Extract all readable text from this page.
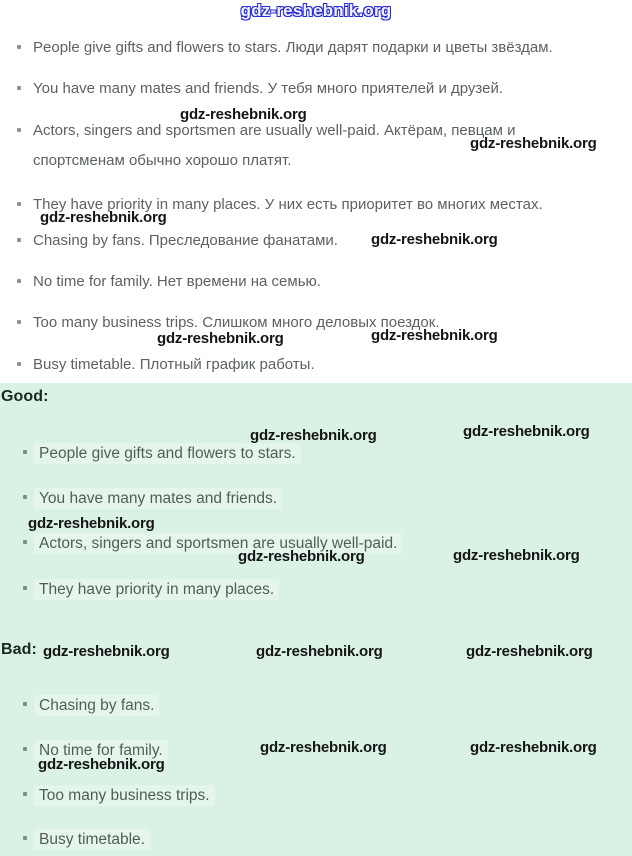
gdz-reshebnik.org
People give gifts and flowers to stars. Люди дарят подарки и цветы звёздам.
You have many mates and friends. У тебя много приятелей и друзей.
Actors, singers and sportsmen are usually well-paid. Актёрам, певцам и
спортсменам обычно хорошо платят.
They have priority in many places. У них есть приоритет во многих местах.
Chasing by fans. Преследование фанатами.
No time for family. Нет времени на семью.
Too many business trips. Слишком много деловых поездок.
Busy timetable. Плотный график работы.
gdz-reshebnik.org
gdz-reshebnik.org
gdz-reshebnik.org
gdz-reshebnik.org
gdz-reshebnik.org	gdz-reshebnik.org
Good:
People give gifts and flowers to stars.
You have many mates and friends.
Actors, singers and sportsmen are usually well-paid.
They have priority in many places.
Bad:
Chasing by fans.
No time for family.
Too many business trips.
Busy timetable.
gdz-reshebnik.org	gdz-reshebnik.org
gdz-reshebnik.org
gdz-reshebnik.org	gdz-reshebnik.org
gdz-reshebnik.org	gdz-reshebnik.org	gdz-reshebnik.org
gdz-reshebnik.org	gdz-reshebnik.org
gdz-reshebnik.org
